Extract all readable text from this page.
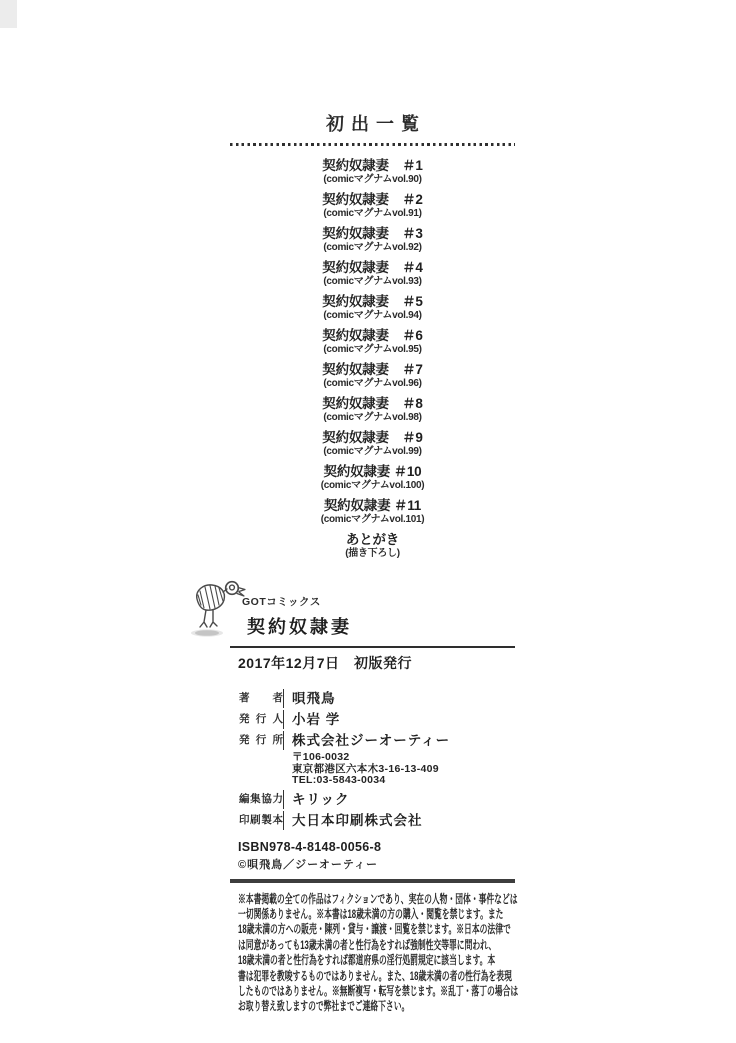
初出一覧
契約奴隷妻　＃1
(comicマグナムvol.90)
契約奴隷妻　＃2
(comicマグナムvol.91)
契約奴隷妻　＃3
(comicマグナムvol.92)
契約奴隷妻　＃4
(comicマグナムvol.93)
契約奴隷妻　＃5
(comicマグナムvol.94)
契約奴隷妻　＃6
(comicマグナムvol.95)
契約奴隷妻　＃7
(comicマグナムvol.96)
契約奴隷妻　＃8
(comicマグナムvol.98)
契約奴隷妻　＃9
(comicマグナムvol.99)
契約奴隷妻 ＃10
(comicマグナムvol.100)
契約奴隷妻 ＃11
(comicマグナムvol.101)
あとがき
(描き下ろし)
GOTコミックス
契約奴隷妻
2017年12月7日　初版発行
著者 唄飛鳥
発行人 小岩 学
発行所 株式会社ジーオーティー
〒106-0032
東京都港区六本木3-16-13-409
TEL:03-5843-0034
編集協力 キリック
印刷製本 大日本印刷株式会社
ISBN978-4-8148-0056-8
©唄飛鳥／ジーオーティー
※本書掲載の全ての作品はフィクションであり、実在の人物・団体・事件などは
一切関係ありません。※本書は18歳未満の方の購入・閲覧を禁じます。また
18歳未満の方への販売・陳列・貸与・譲渡・回覧を禁じます。※日本の法律で
は同意があっても13歳未満の者と性行為をすれば強制性交等罪に問われ、
18歳未満の者と性行為をすれば都道府県の淫行処罰規定に該当します。本
書は犯罪を教唆するものではありません。また、18歳未満の者の性行為を表現
したものではありません。※無断複写・転写を禁じます。※乱丁・落丁の場合は
お取り替え致しますので弊社までご連絡下さい。
